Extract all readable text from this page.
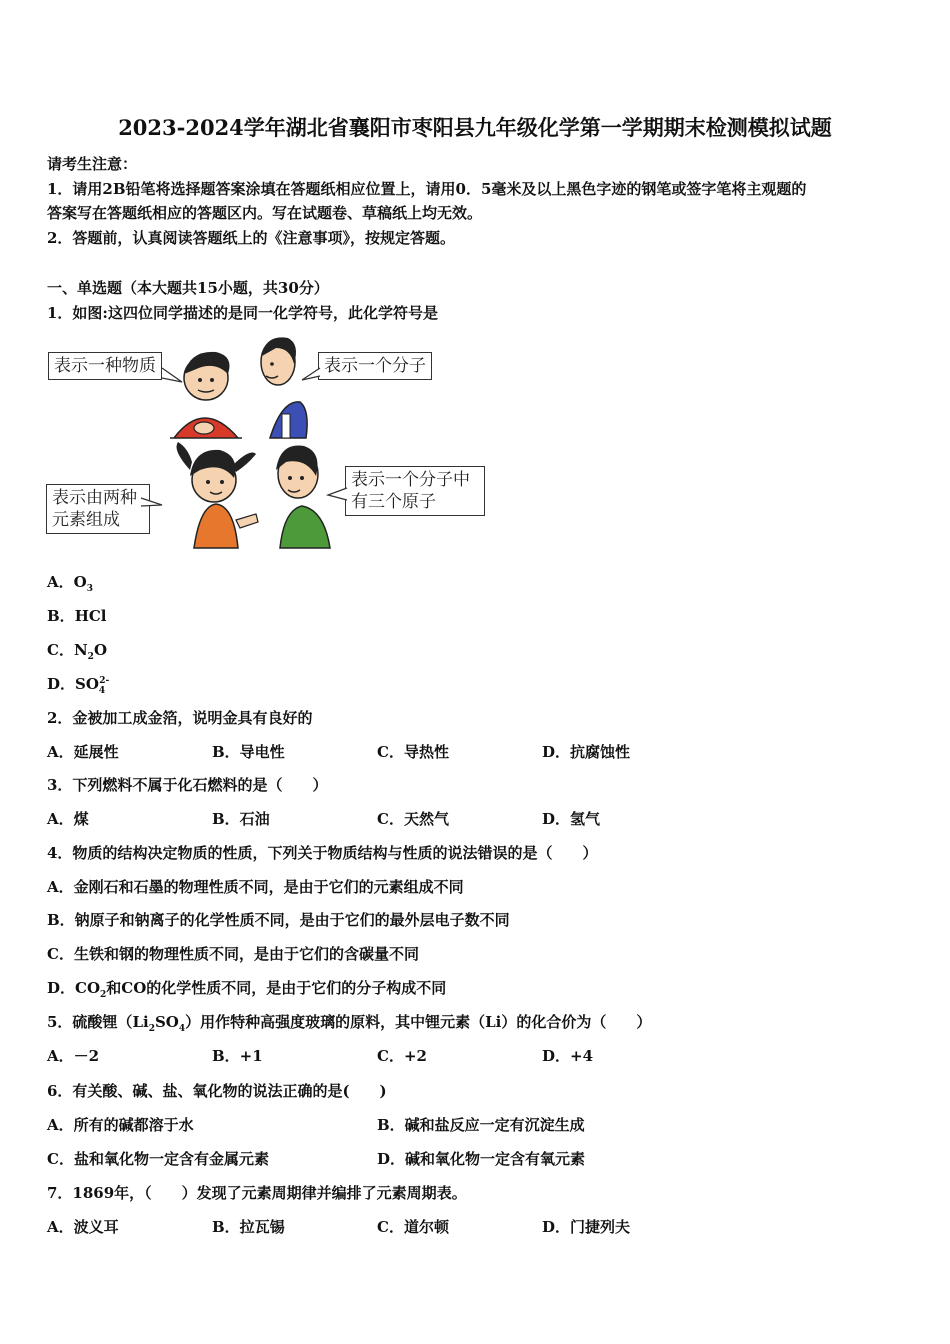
2023-2024学年湖北省襄阳市枣阳县九年级化学第一学期期末检测模拟试题
请考生注意：
1．请用2B铅笔将选择题答案涂填在答题纸相应位置上，请用0．5毫米及以上黑色字迹的钢笔或签字笔将主观题的
答案写在答题纸相应的答题区内。写在试题卷、草稿纸上均无效。
2．答题前，认真阅读答题纸上的《注意事项》，按规定答题。
一、单选题（本大题共15小题，共30分）
1．如图:这四位同学描述的是同一化学符号，此化学符号是
表示一种物质	表示一个分子
表示由两种
元素组成
表示一个分子中
有三个原子
A．$O_3$
B．HCl
C．$N_2O$
D．$SO_4^{2-}$
2．金被加工成金箔，说明金具有良好的
A．延展性	B．导电性	C．导热性	D．抗腐蚀性
3．下列燃料不属于化石燃料的是（　　）
A．煤	B．石油	C．天然气	D．氢气
4．物质的结构决定物质的性质，下列关于物质结构与性质的说法错误的是（　　）
A．金刚石和石墨的物理性质不同，是由于它们的元素组成不同
B．钠原子和钠离子的化学性质不同，是由于它们的最外层电子数不同
C．生铁和钢的物理性质不同，是由于它们的含碳量不同
D．$CO_2$和CO的化学性质不同，是由于它们的分子构成不同
5．硫酸锂$(Li_2SO_4)$用作特种高强度玻璃的原料，其中锂元素（Li）的化合价为（　　）
A．－2	B．+1	C．+2	D．+4
6．有关酸、碱、盐、氧化物的说法正确的是(　　)
A．所有的碱都溶于水	B．碱和盐反应一定有沉淀生成
C．盐和氧化物一定含有金属元素	D．碱和氧化物一定含有氧元素
7．1869年，（　　）发现了元素周期律并编排了元素周期表。
A．波义耳	B．拉瓦锡	C．道尔顿	D．门捷列夫
